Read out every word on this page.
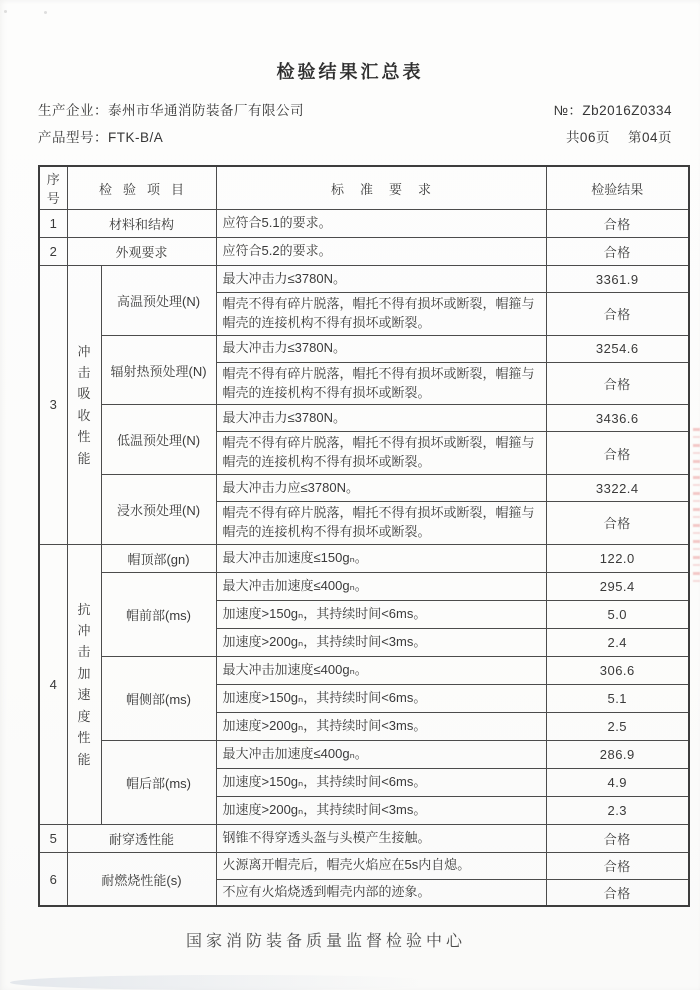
检验结果汇总表
生产企业：泰州市华通消防装备厂有限公司	№：Zb2016Z0334
产品型号：FTK-B/A	共06页 第04页
序号	检验项目		标准要求	检验结果
1	材料和结构		应符合5.1的要求。	合格
2	外观要求		应符合5.2的要求。	合格
3	冲击吸收性能	高温预处理(N)	最大冲击力≤3780N。	3361.9
			帽壳不得有碎片脱落，帽托不得有损坏或断裂，帽箍与帽壳的连接机构不得有损坏或断裂。	合格
		辐射热预处理(N)	最大冲击力≤3780N。	3254.6
			帽壳不得有碎片脱落，帽托不得有损坏或断裂，帽箍与帽壳的连接机构不得有损坏或断裂。	合格
		低温预处理(N)	最大冲击力≤3780N。	3436.6
			帽壳不得有碎片脱落，帽托不得有损坏或断裂，帽箍与帽壳的连接机构不得有损坏或断裂。	合格
		浸水预处理(N)	最大冲击力应≤3780N。	3322.4
			帽壳不得有碎片脱落，帽托不得有损坏或断裂，帽箍与帽壳的连接机构不得有损坏或断裂。	合格
4	抗冲击加速度性能	帽顶部(gn)	最大冲击加速度≤150gₙ。	122.0
		帽前部(ms)	最大冲击加速度≤400gₙ。	295.4
			加速度>150gₙ，其持续时间<6ms。	5.0
			加速度>200gₙ，其持续时间<3ms。	2.4
		帽侧部(ms)	最大冲击加速度≤400gₙ。	306.6
			加速度>150gₙ，其持续时间<6ms。	5.1
			加速度>200gₙ，其持续时间<3ms。	2.5
		帽后部(ms)	最大冲击加速度≤400gₙ。	286.9
			加速度>150gₙ，其持续时间<6ms。	4.9
			加速度>200gₙ，其持续时间<3ms。	2.3
5	耐穿透性能		钢锥不得穿透头盔与头模产生接触。	合格
6	耐燃烧性能(s)		火源离开帽壳后，帽壳火焰应在5s内自熄。	合格
			不应有火焰烧透到帽壳内部的迹象。	合格
国家消防装备质量监督检验中心
